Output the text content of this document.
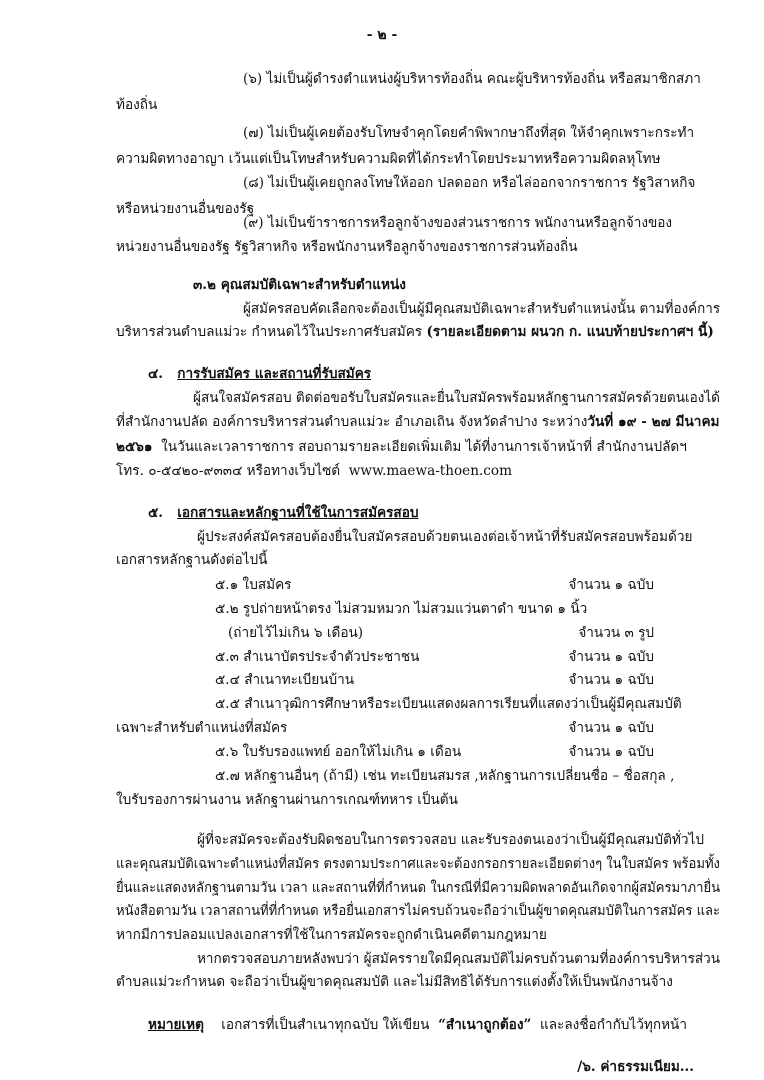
- ๒ -
(๖) ไม่เป็นผู้ดำรงตำแหน่งผู้บริหารท้องถิ่น คณะผู้บริหารท้องถิ่น หรือสมาชิกสภา
ท้องถิ่น
(๗) ไม่เป็นผู้เคยต้องรับโทษจำคุกโดยคำพิพากษาถึงที่สุด ให้จำคุกเพราะกระทำ
ความผิดทางอาญา เว้นแต่เป็นโทษสำหรับความผิดที่ได้กระทำโดยประมาทหรือความผิดลหุโทษ
(๘) ไม่เป็นผู้เคยถูกลงโทษให้ออก ปลดออก หรือไล่ออกจากราชการ รัฐวิสาหกิจ
หรือหน่วยงานอื่นของรัฐ
(๙) ไม่เป็นข้าราชการหรือลูกจ้างของส่วนราชการ พนักงานหรือลูกจ้างของ
หน่วยงานอื่นของรัฐ รัฐวิสาหกิจ หรือพนักงานหรือลูกจ้างของราชการส่วนท้องถิ่น
๓.๒ คุณสมบัติเฉพาะสำหรับตำแหน่ง
ผู้สมัครสอบคัดเลือกจะต้องเป็นผู้มีคุณสมบัติเฉพาะสำหรับตำแหน่งนั้น ตามที่องค์การ
บริหารส่วนตำบลแม่วะ กำหนดไว้ในประกาศรับสมัคร (รายละเอียดตาม ผนวก ก. แนบท้ายประกาศฯ นี้)
๔. การรับสมัคร และสถานที่รับสมัคร
ผู้สนใจสมัครสอบ ติดต่อขอรับใบสมัครและยื่นใบสมัครพร้อมหลักฐานการสมัครด้วยตนเองได้
ที่สำนักงานปลัด องค์การบริหารส่วนตำบลแม่วะ อำเภอเถิน จังหวัดลำปาง ระหว่างวันที่ ๑๙ - ๒๗ มีนาคม
๒๕๖๑ ในวันและเวลาราชการ สอบถามรายละเอียดเพิ่มเติม ได้ที่งานการเจ้าหน้าที่ สำนักงานปลัดฯ
โทร. ๐-๕๔๒๐-๙๓๓๔ หรือทางเว็บไซต์ www.maewa-thoen.com
๕. เอกสารและหลักฐานที่ใช้ในการสมัครสอบ
ผู้ประสงค์สมัครสอบต้องยื่นใบสมัครสอบด้วยตนเองต่อเจ้าหน้าที่รับสมัครสอบพร้อมด้วย
เอกสารหลักฐานดังต่อไปนี้
๕.๑ ใบสมัคร	จำนวน ๑ ฉบับ
๕.๒ รูปถ่ายหน้าตรง ไม่สวมหมวก ไม่สวมแว่นตาดำ ขนาด ๑ นิ้ว
(ถ่ายไว้ไม่เกิน ๖ เดือน)	จำนวน ๓ รูป
๕.๓ สำเนาบัตรประจำตัวประชาชน	จำนวน ๑ ฉบับ
๕.๔ สำเนาทะเบียนบ้าน	จำนวน ๑ ฉบับ
๕.๕ สำเนาวุฒิการศึกษาหรือระเบียนแสดงผลการเรียนที่แสดงว่าเป็นผู้มีคุณสมบัติ
เฉพาะสำหรับตำแหน่งที่สมัคร	จำนวน ๑ ฉบับ
๕.๖ ใบรับรองแพทย์ ออกให้ไม่เกิน ๑ เดือน	จำนวน ๑ ฉบับ
๕.๗ หลักฐานอื่นๆ (ถ้ามี) เช่น ทะเบียนสมรส ,หลักฐานการเปลี่ยนชื่อ – ชื่อสกุล ,
ใบรับรองการผ่านงาน หลักฐานผ่านการเกณฑ์ทหาร เป็นต้น
ผู้ที่จะสมัครจะต้องรับผิดชอบในการตรวจสอบ และรับรองตนเองว่าเป็นผู้มีคุณสมบัติทั่วไป
และคุณสมบัติเฉพาะตำแหน่งที่สมัคร ตรงตามประกาศและจะต้องกรอกรายละเอียดต่างๆ ในใบสมัคร พร้อมทั้ง
ยื่นและแสดงหลักฐานตามวัน เวลา และสถานที่ที่กำหนด ในกรณีที่มีความผิดพลาดอันเกิดจากผู้สมัครมาภายื่น
หนังสือตามวัน เวลาสถานที่ที่กำหนด หรือยื่นเอกสารไม่ครบถ้วนจะถือว่าเป็นผู้ขาดคุณสมบัติในการสมัคร และ
หากมีการปลอมแปลงเอกสารที่ใช้ในการสมัครจะถูกดำเนินคดีตามกฎหมาย
หากตรวจสอบภายหลังพบว่า ผู้สมัครรายใดมีคุณสมบัติไม่ครบถ้วนตามที่องค์การบริหารส่วน
ตำบลแม่วะกำหนด จะถือว่าเป็นผู้ขาดคุณสมบัติ และไม่มีสิทธิได้รับการแต่งตั้งให้เป็นพนักงานจ้าง
หมายเหตุ เอกสารที่เป็นสำเนาทุกฉบับ ให้เขียน “สำเนาถูกต้อง” และลงชื่อกำกับไว้ทุกหน้า
/๖. ค่าธรรมเนียม...
